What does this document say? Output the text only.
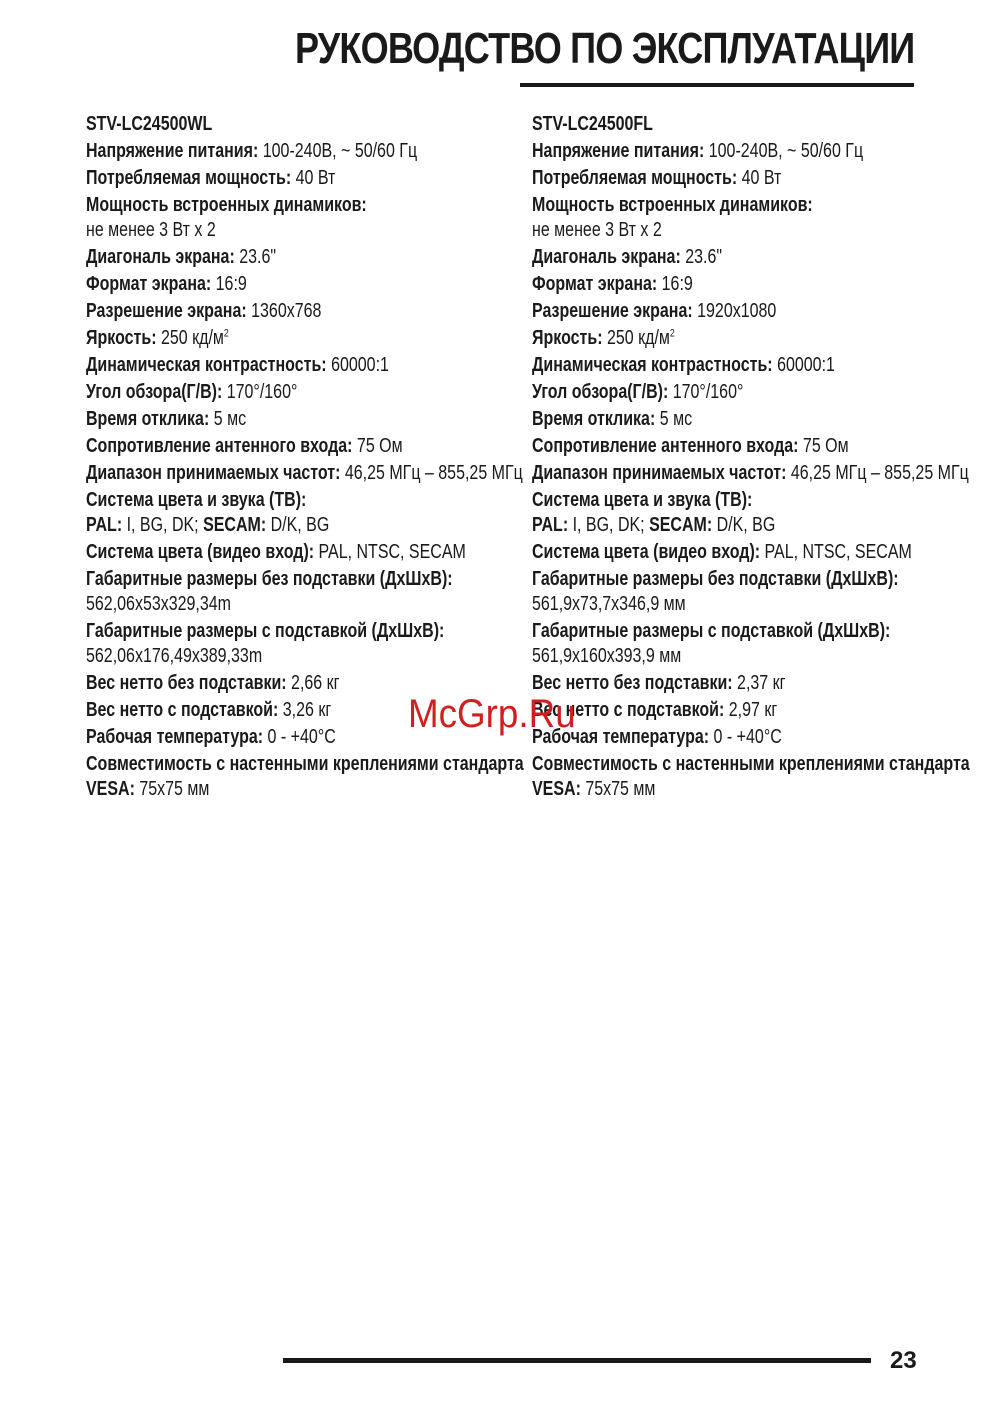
РУКОВОДСТВО ПО ЭКСПЛУАТАЦИИ
STV-LC24500WL
Напряжение питания: 100-240В, ~ 50/60 Гц
Потребляемая мощность: 40 Вт
Мощность встроенных динамиков:
не менее 3 Вт х 2
Диагональ экрана: 23.6"
Формат экрана: 16:9
Разрешение экрана: 1360x768
Яркость: 250 $кд/м^2$
Динамическая контрастность: 60000:1
Угол обзора(Г/В): 170°/160°
Время отклика: 5 мс
Сопротивление антенного входа: 75 Ом
Диапазон принимаемых частот: 46,25 МГц – 855,25 МГц
Система цвета и звука (ТВ):
PAL: I, BG, DK; SECAM: D/K, BG
Система цвета (видео вход): PAL, NTSC, SECAM
Габаритные размеры без подставки (ДхШхВ): 562,06x53x329,34m
Габаритные размеры с подставкой (ДхШхВ):
562,06x176,49x389,33m
Вес нетто без подставки: 2,66 кг
Вес нетто с подставкой: 3,26 кг
Рабочая температура: 0 - +40°С
Совместимость с настенными креплениями стандарта VESA: 75x75 мм
STV-LC24500FL
Напряжение питания: 100-240В, ~ 50/60 Гц
Потребляемая мощность: 40 Вт
Мощность встроенных динамиков:
не менее 3 Вт х 2
Диагональ экрана: 23.6"
Формат экрана: 16:9
Разрешение экрана: 1920x1080
Яркость: 250 $кд/м^2$
Динамическая контрастность: 60000:1
Угол обзора(Г/В): 170°/160°
Время отклика: 5 мс
Сопротивление антенного входа: 75 Ом
Диапазон принимаемых частот: 46,25 МГц – 855,25 МГц
Система цвета и звука (ТВ):
PAL: I, BG, DK; SECAM: D/K, BG
Система цвета (видео вход): PAL, NTSC, SECAM
Габаритные размеры без подставки (ДхШхВ): 561,9x73,7x346,9 мм
Габаритные размеры с подставкой (ДхШхВ):
561,9x160x393,9 мм
Вес нетто без подставки: 2,37 кг
Вес нетто с подставкой: 2,97 кг
Рабочая температура: 0 - +40°С
Совместимость с настенными креплениями стандарта VESA: 75x75 мм
McGrp.Ru
23
